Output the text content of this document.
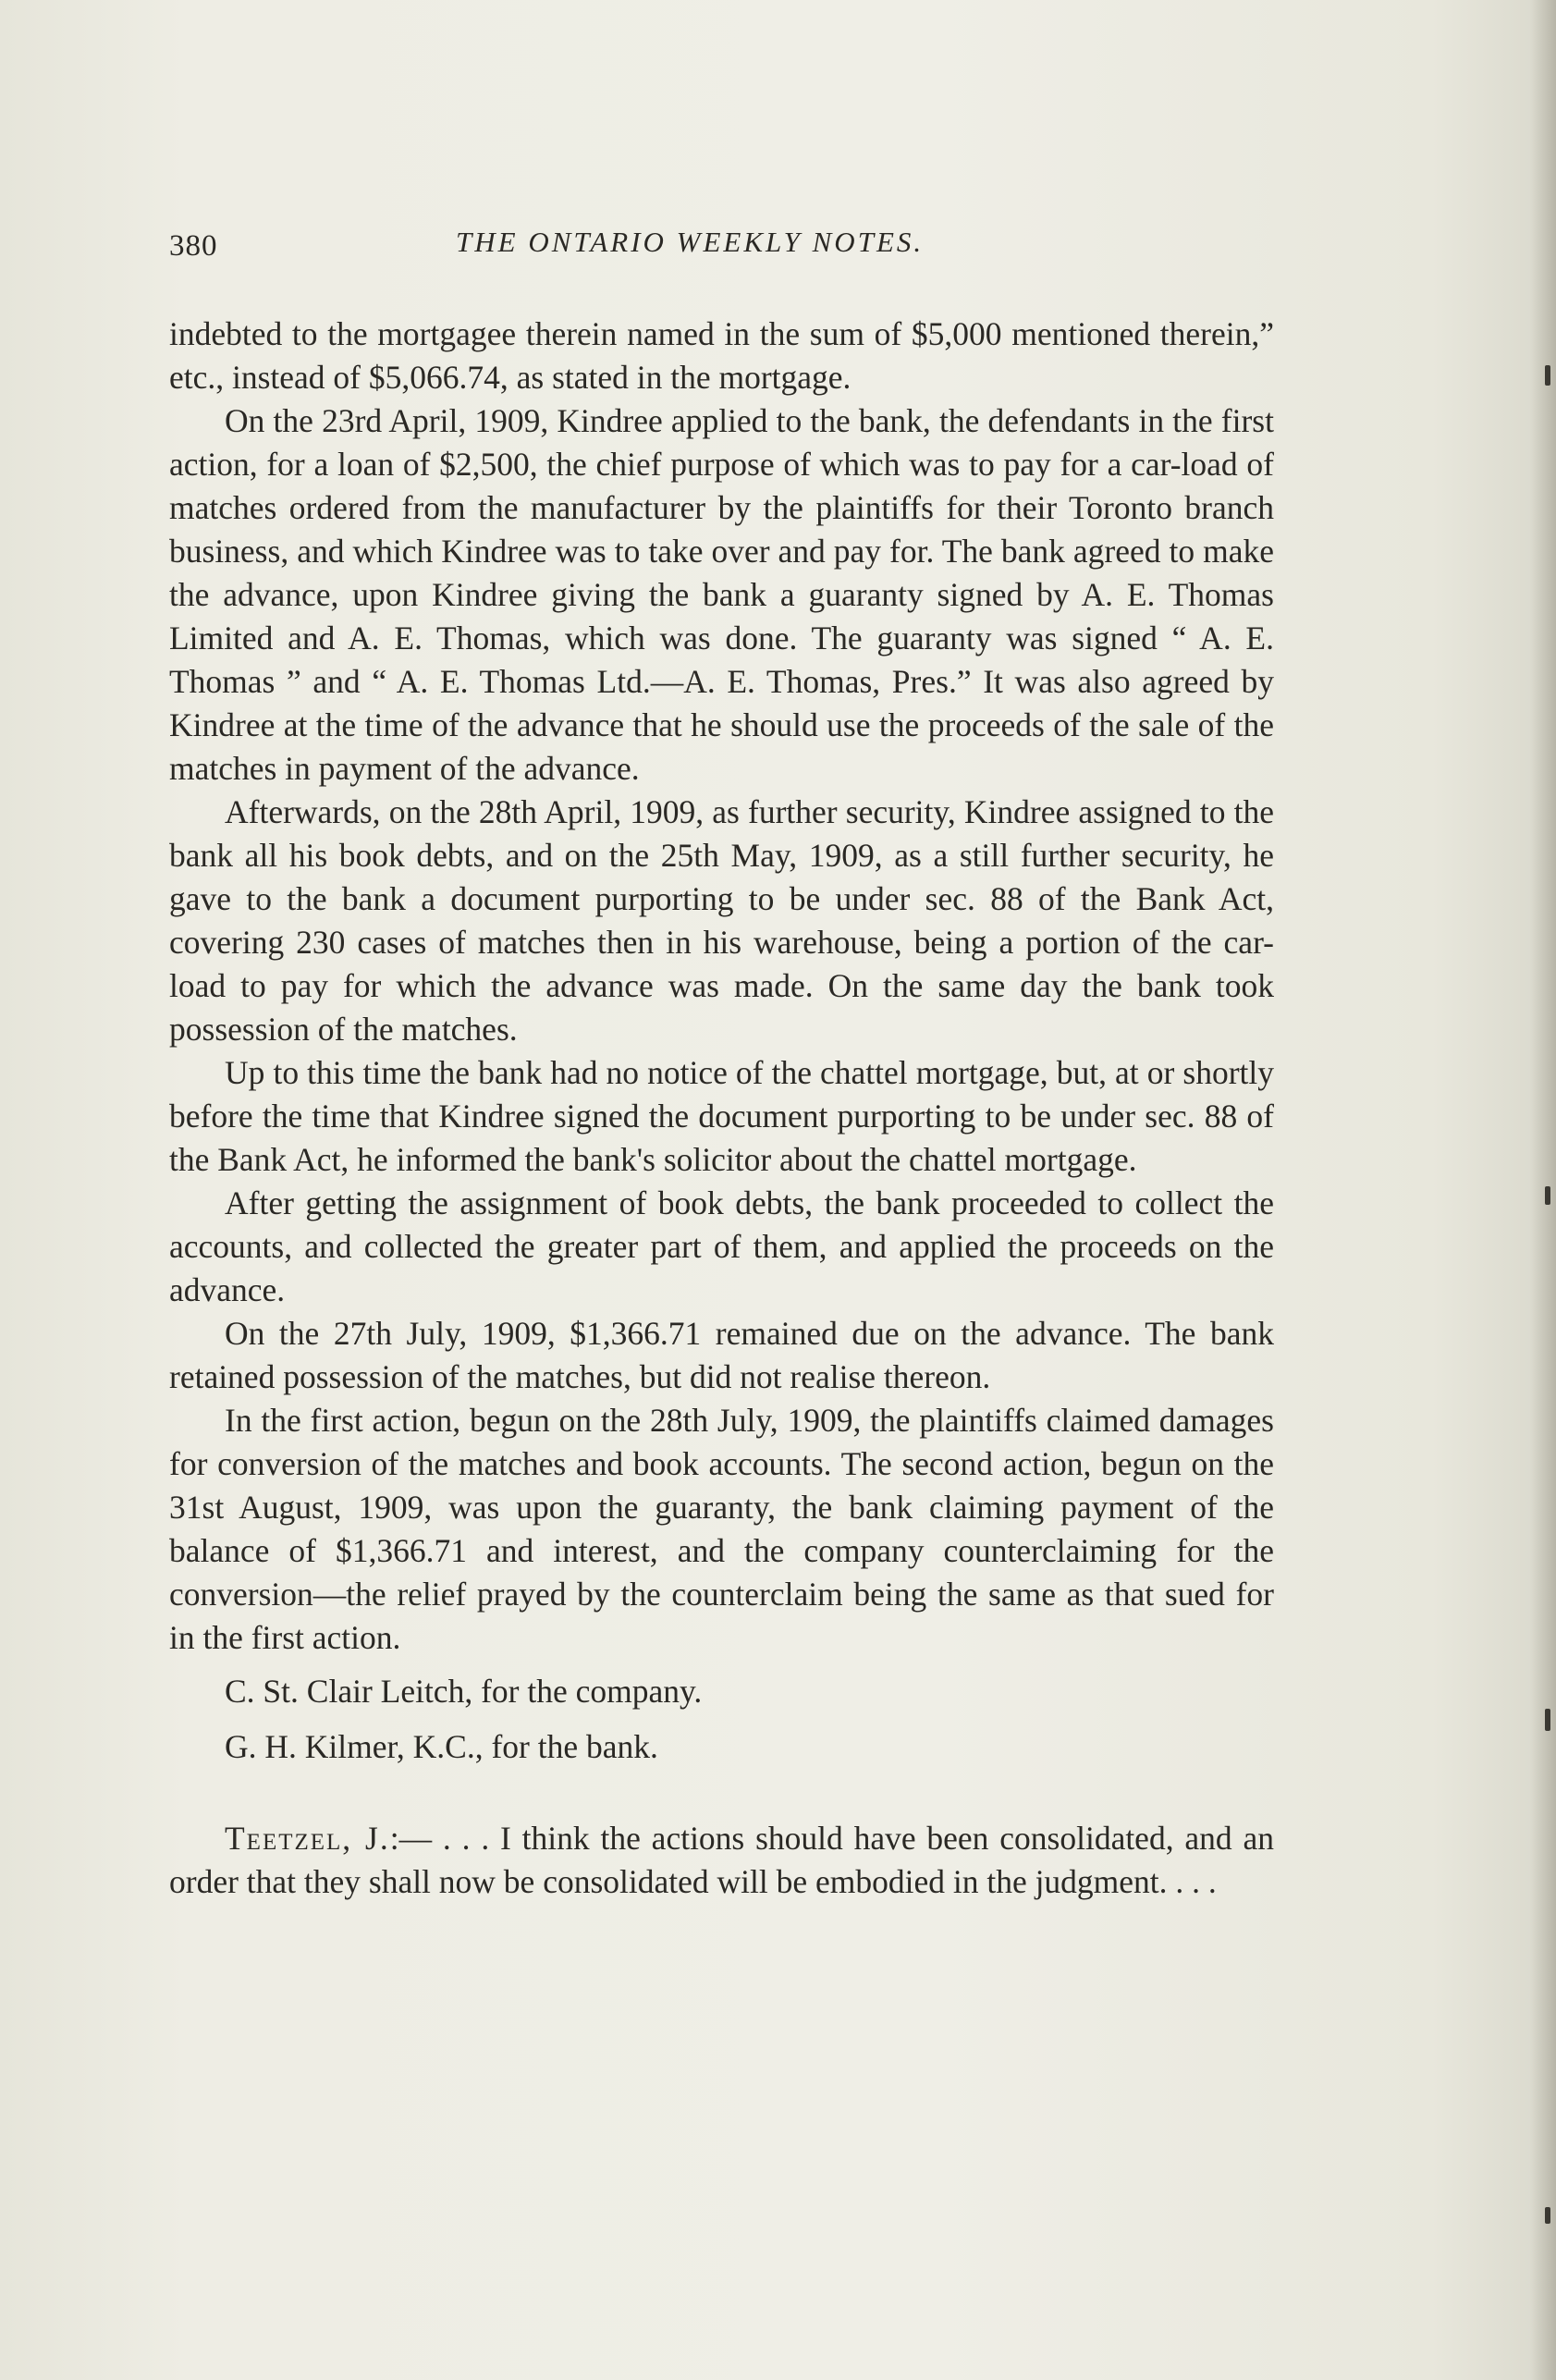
380	THE ONTARIO WEEKLY NOTES.

indebted to the mortgagee therein named in the sum of $5,000 mentioned therein,” etc., instead of $5,066.74, as stated in the mortgage.

On the 23rd April, 1909, Kindree applied to the bank, the defendants in the first action, for a loan of $2,500, the chief purpose of which was to pay for a car-load of matches ordered from the manufacturer by the plaintiffs for their Toronto branch business, and which Kindree was to take over and pay for. The bank agreed to make the advance, upon Kindree giving the bank a guaranty signed by A. E. Thomas Limited and A. E. Thomas, which was done. The guaranty was signed “ A. E. Thomas ” and “ A. E. Thomas Ltd.—A. E. Thomas, Pres.” It was also agreed by Kindree at the time of the advance that he should use the proceeds of the sale of the matches in payment of the advance.

Afterwards, on the 28th April, 1909, as further security, Kindree assigned to the bank all his book debts, and on the 25th May, 1909, as a still further security, he gave to the bank a document purporting to be under sec. 88 of the Bank Act, covering 230 cases of matches then in his warehouse, being a portion of the car-load to pay for which the advance was made. On the same day the bank took possession of the matches.

Up to this time the bank had no notice of the chattel mortgage, but, at or shortly before the time that Kindree signed the document purporting to be under sec. 88 of the Bank Act, he informed the bank's solicitor about the chattel mortgage.

After getting the assignment of book debts, the bank proceeded to collect the accounts, and collected the greater part of them, and applied the proceeds on the advance.

On the 27th July, 1909, $1,366.71 remained due on the advance. The bank retained possession of the matches, but did not realise thereon.

In the first action, begun on the 28th July, 1909, the plaintiffs claimed damages for conversion of the matches and book accounts. The second action, begun on the 31st August, 1909, was upon the guaranty, the bank claiming payment of the balance of $1,366.71 and interest, and the company counterclaiming for the conversion—the relief prayed by the counterclaim being the same as that sued for in the first action.

C. St. Clair Leitch, for the company.

G. H. Kilmer, K.C., for the bank.

Teetzel, J.:— . . . I think the actions should have been consolidated, and an order that they shall now be consolidated will be embodied in the judgment. . . .
